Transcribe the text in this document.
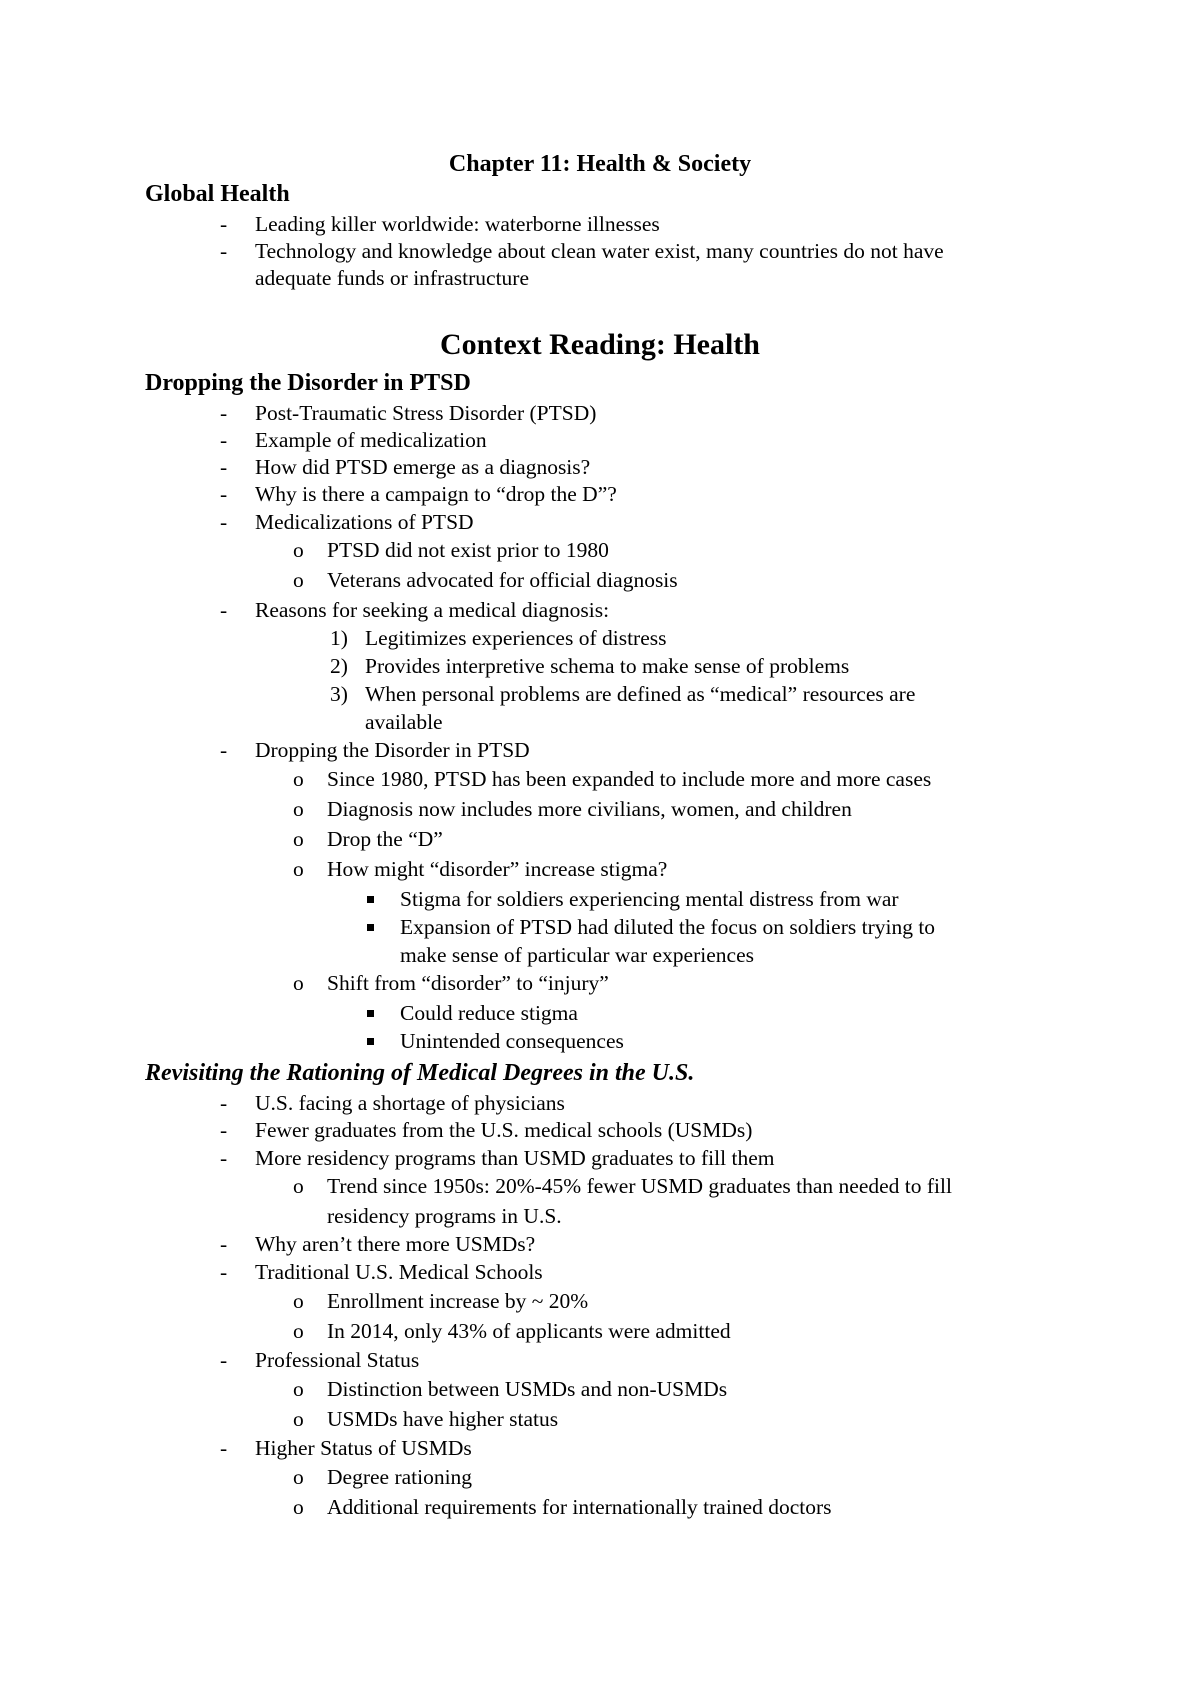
Chapter 11: Health & Society
Global Health
- Leading killer worldwide: waterborne illnesses
- Technology and knowledge about clean water exist, many countries do not have
adequate funds or infrastructure
Context Reading: Health
Dropping the Disorder in PTSD
- Post-Traumatic Stress Disorder (PTSD)
- Example of medicalization
- How did PTSD emerge as a diagnosis?
- Why is there a campaign to “drop the D”?
- Medicalizations of PTSD
o PTSD did not exist prior to 1980
o Veterans advocated for official diagnosis
- Reasons for seeking a medical diagnosis:
1) Legitimizes experiences of distress
2) Provides interpretive schema to make sense of problems
3) When personal problems are defined as “medical” resources are
available
- Dropping the Disorder in PTSD
o Since 1980, PTSD has been expanded to include more and more cases
o Diagnosis now includes more civilians, women, and children
o Drop the “D”
o How might “disorder” increase stigma?
Stigma for soldiers experiencing mental distress from war
Expansion of PTSD had diluted the focus on soldiers trying to
make sense of particular war experiences
o Shift from “disorder” to “injury”
Could reduce stigma
Unintended consequences
Revisiting the Rationing of Medical Degrees in the U.S.
- U.S. facing a shortage of physicians
- Fewer graduates from the U.S. medical schools (USMDs)
- More residency programs than USMD graduates to fill them
o Trend since 1950s: 20%-45% fewer USMD graduates than needed to fill
residency programs in U.S.
- Why aren’t there more USMDs?
- Traditional U.S. Medical Schools
o Enrollment increase by ~ 20%
o In 2014, only 43% of applicants were admitted
- Professional Status
o Distinction between USMDs and non-USMDs
o USMDs have higher status
- Higher Status of USMDs
o Degree rationing
o Additional requirements for internationally trained doctors
